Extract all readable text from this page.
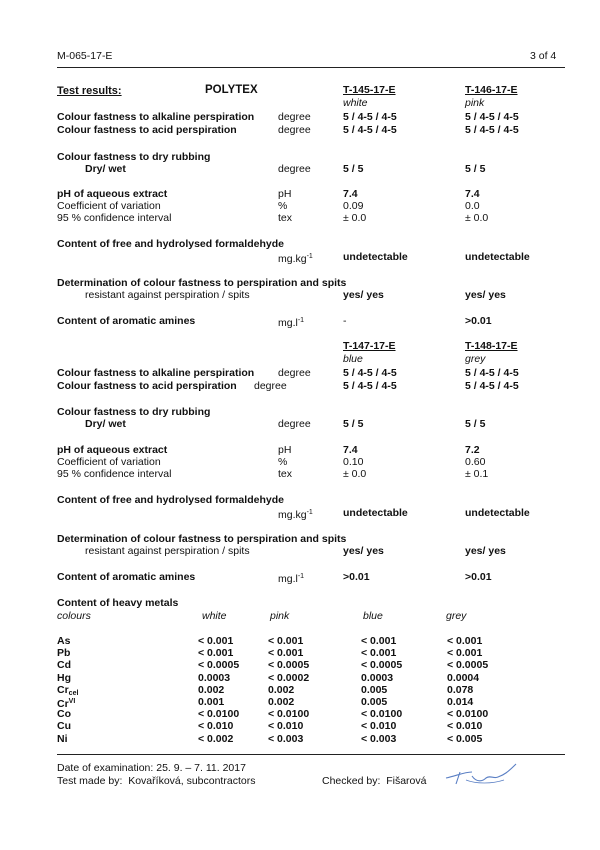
M-065-17-E	3 of 4
Test results:	POLYTEX	T-145-17-E	T-146-17-E
white	pink
Colour fastness to alkaline perspiration degree	5 / 4-5 / 4-5	5 / 4-5 / 4-5
Colour fastness to acid perspiration	degree	5 / 4-5 / 4-5	5 / 4-5 / 4-5
Colour fastness to dry rubbing
Dry/ wet	degree	5 / 5	5 / 5
pH of aqueous extract	pH	7.4	7.4
Coefficient of variation	%	0.09	0.0
95 % confidence interval	tex	± 0.0	± 0.0
Content of free and hydrolysed formaldehyde
$mg.kg^{-1}$	undetectable	undetectable
Determination of colour fastness to perspiration and spits
resistant against perspiration / spits	yes/ yes	yes/ yes
Content of aromatic amines	$mg.l^{-1}$	-	>0.01
T-147-17-E	T-148-17-E
blue	grey
Colour fastness to alkaline perspiration degree	5 / 4-5 / 4-5	5 / 4-5 / 4-5
Colour fastness to acid perspiration degree	5 / 4-5 / 4-5	5 / 4-5 / 4-5
Colour fastness to dry rubbing
Dry/ wet	degree	5 / 5	5 / 5
pH of aqueous extract	pH	7.4	7.2
Coefficient of variation	%	0.10	0.60
95 % confidence interval	tex	± 0.0	± 0.1
Content of free and hydrolysed formaldehyde
$mg.kg^{-1}$	undetectable	undetectable
Determination of colour fastness to perspiration and spits
resistant against perspiration / spits	yes/ yes	yes/ yes
Content of aromatic amines	$mg.l^{-1}$	>0.01	>0.01
Content of heavy metals
colours	white	pink	blue	grey
As	< 0.001	< 0.001	< 0.001	< 0.001
Pb	< 0.001	< 0.001	< 0.001	< 0.001
Cd	< 0.0005	< 0.0005	< 0.0005	< 0.0005
Hg	0.0003	< 0.0002	0.0003	0.0004
$Cr_{cel}$	0.002	0.002	0.005	0.078
$Cr^{VI}$	0.001	0.002	0.005	0.014
Co	< 0.0100	< 0.0100	< 0.0100	< 0.0100
Cu	< 0.010	< 0.010	< 0.010	< 0.010
Ni	< 0.002	< 0.003	< 0.003	< 0.005
Date of examination: 25. 9. – 7. 11. 2017
Test made by: Kovaříková, subcontractors	Checked by: Fišarová
